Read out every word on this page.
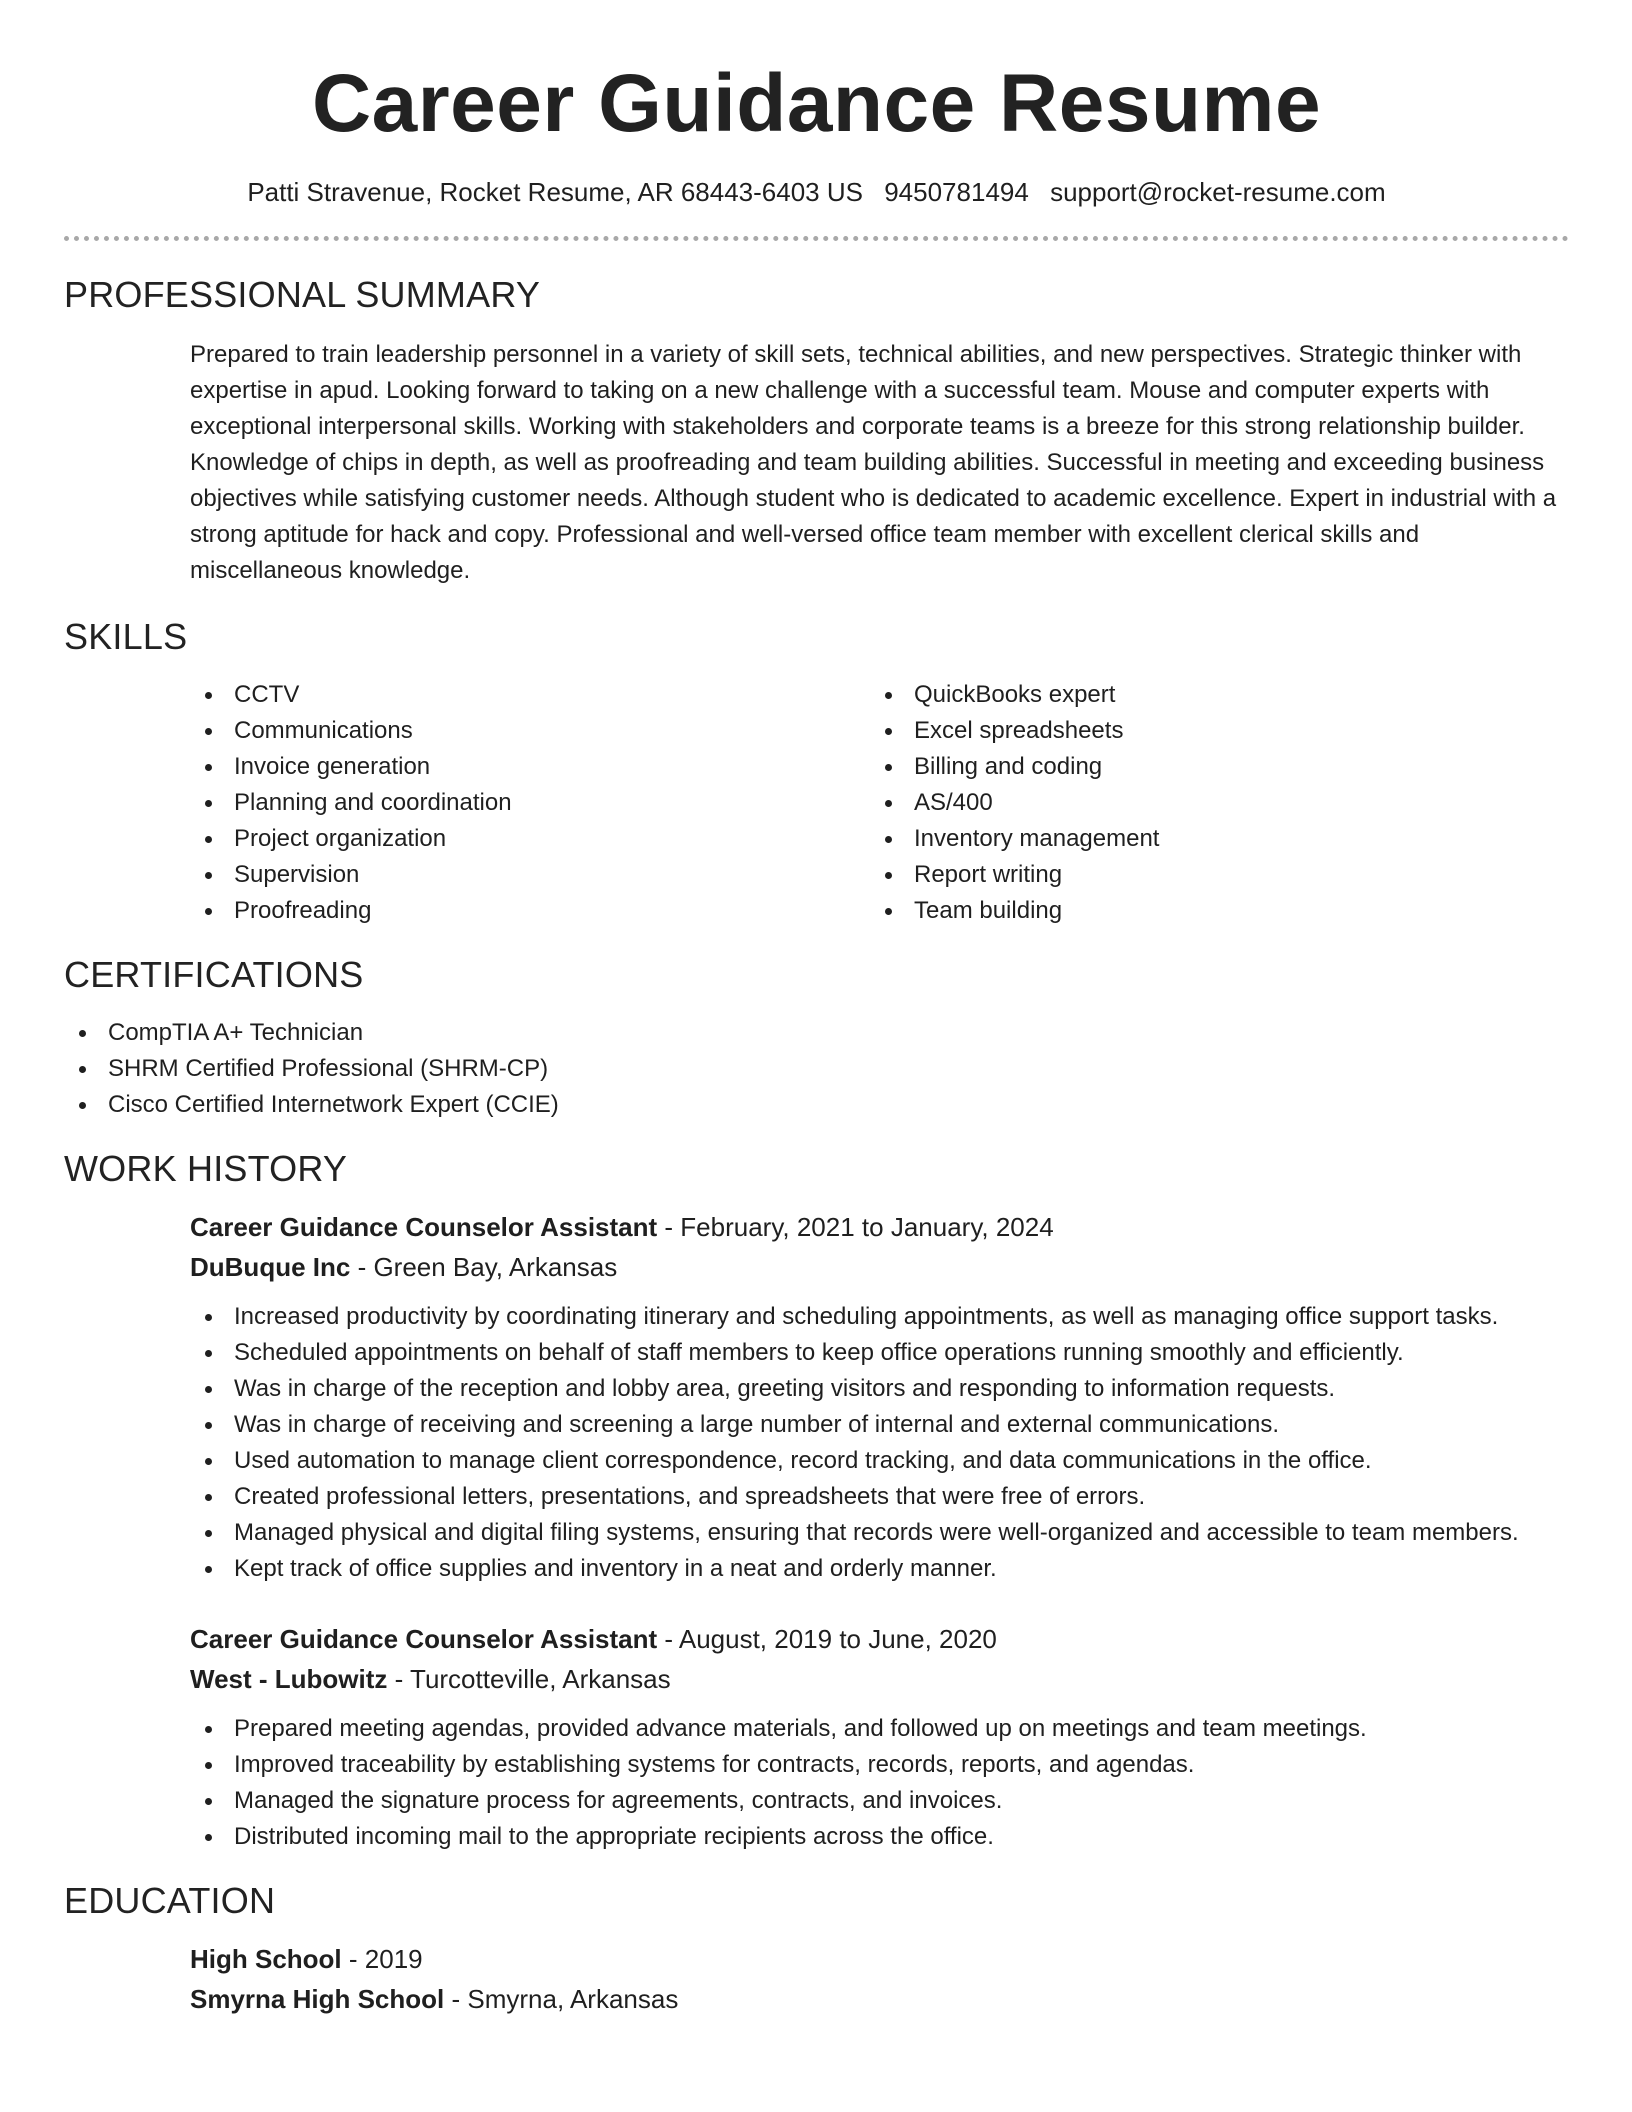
Career Guidance Resume
Patti Stravenue, Rocket Resume, AR 68443-6403 US 9450781494 support@rocket-resume.com
PROFESSIONAL SUMMARY
Prepared to train leadership personnel in a variety of skill sets, technical abilities, and new perspectives. Strategic thinker with expertise in apud. Looking forward to taking on a new challenge with a successful team. Mouse and computer experts with exceptional interpersonal skills. Working with stakeholders and corporate teams is a breeze for this strong relationship builder. Knowledge of chips in depth, as well as proofreading and team building abilities. Successful in meeting and exceeding business objectives while satisfying customer needs. Although student who is dedicated to academic excellence. Expert in industrial with a strong aptitude for hack and copy. Professional and well-versed office team member with excellent clerical skills and miscellaneous knowledge.
SKILLS
CCTV
Communications
Invoice generation
Planning and coordination
Project organization
Supervision
Proofreading
QuickBooks expert
Excel spreadsheets
Billing and coding
AS/400
Inventory management
Report writing
Team building
CERTIFICATIONS
CompTIA A+ Technician
SHRM Certified Professional (SHRM-CP)
Cisco Certified Internetwork Expert (CCIE)
WORK HISTORY
Career Guidance Counselor Assistant - February, 2021 to January, 2024
DuBuque Inc - Green Bay, Arkansas
Increased productivity by coordinating itinerary and scheduling appointments, as well as managing office support tasks.
Scheduled appointments on behalf of staff members to keep office operations running smoothly and efficiently.
Was in charge of the reception and lobby area, greeting visitors and responding to information requests.
Was in charge of receiving and screening a large number of internal and external communications.
Used automation to manage client correspondence, record tracking, and data communications in the office.
Created professional letters, presentations, and spreadsheets that were free of errors.
Managed physical and digital filing systems, ensuring that records were well-organized and accessible to team members.
Kept track of office supplies and inventory in a neat and orderly manner.
Career Guidance Counselor Assistant - August, 2019 to June, 2020
West - Lubowitz - Turcotteville, Arkansas
Prepared meeting agendas, provided advance materials, and followed up on meetings and team meetings.
Improved traceability by establishing systems for contracts, records, reports, and agendas.
Managed the signature process for agreements, contracts, and invoices.
Distributed incoming mail to the appropriate recipients across the office.
EDUCATION
High School - 2019
Smyrna High School - Smyrna, Arkansas
